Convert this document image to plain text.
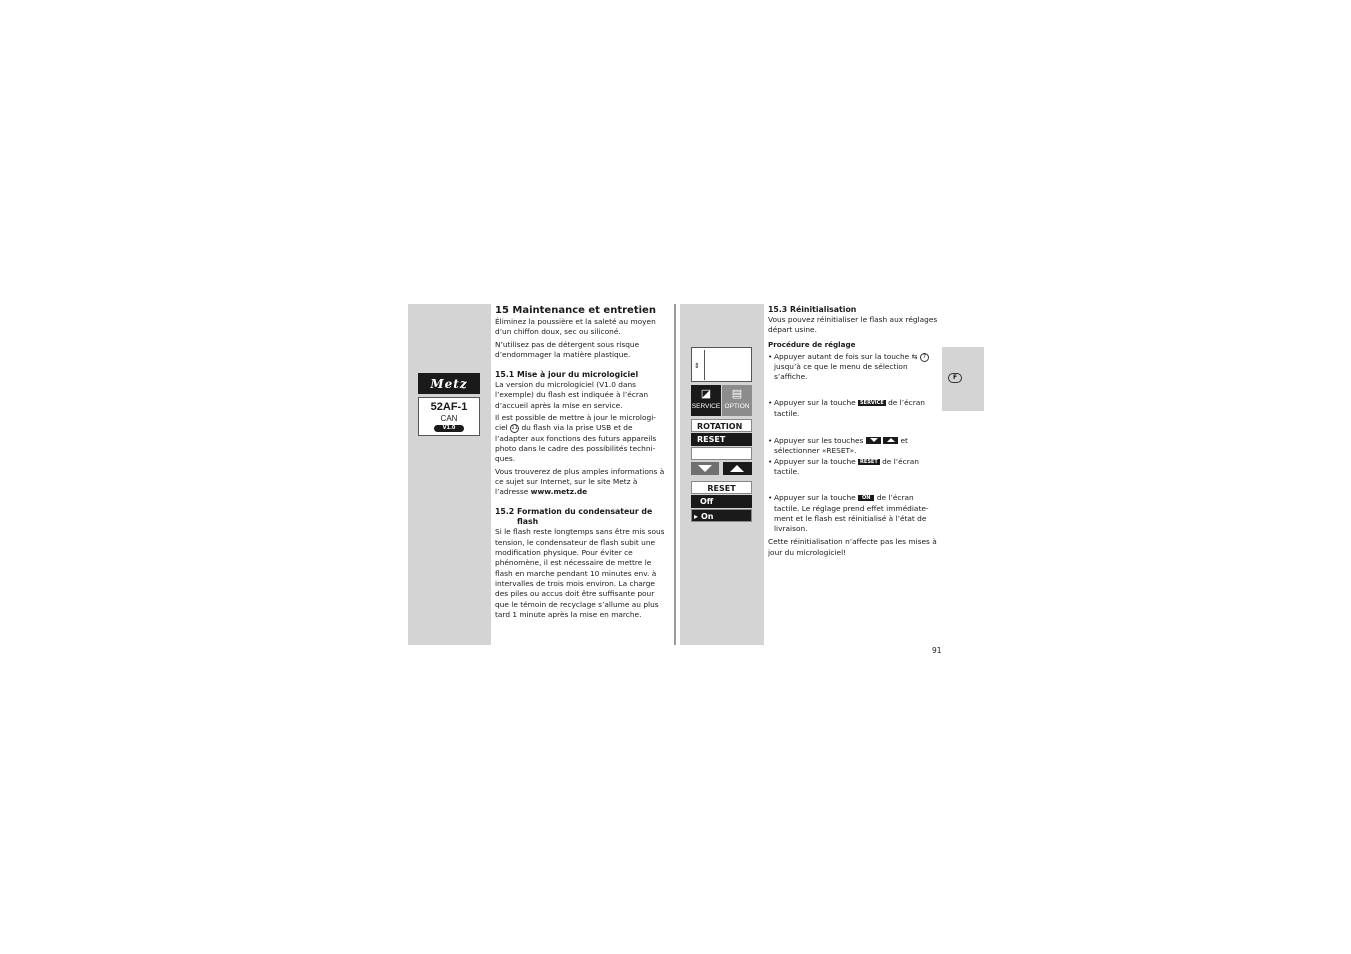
Metz
52AF-1
CAN
V1.0
15 Maintenance et entretien

Éliminez la poussière et la saleté au moyen d’un chiffon doux, sec ou siliconé.

N’utilisez pas de détergent sous risque d’endommager la matière plastique.

15.1 Mise à jour du micrologiciel

La version du micrologiciel (V1.0 dans l’exemple) du flash est indiquée à l’écran d’accueil après la mise en service.

Il est possible de mettre à jour le micrologi-ciel 11 du flash via la prise USB et de l’adapter aux fonctions des futurs appareils photo dans le cadre des possibilités techni-ques.

Vous trouverez de plus amples informations à ce sujet sur Internet, sur le site Metz à l’adresse www.metz.de

15.2 Formation du condensateur de
flash

Si le flash reste longtemps sans être mis sous tension, le condensateur de flash subit une modification physique. Pour éviter ce phénomène, il est nécessaire de mettre le flash en marche pendant 10 minutes env. à intervalles de trois mois environ. La charge des piles ou accus doit être suffisante pour que le témoin de recyclage s’allume au plus tard 1 minute après la mise en marche.

⇕
◪
SERVICE
▤
OPTION
ROTATION
RESET
RESET
Off
▸ On
15.3 Réinitialisation

Vous pouvez réinitialiser le flash aux réglages départ usine.

Procédure de réglage
• Appuyer autant de fois sur la touche ⇆ 7 jusqu’à ce que le menu de sélection s’affiche.
• Appuyer sur la touche SERVICE de l’écran tactile.
• Appuyer sur les touches
	et sélectionner «RESET».
• Appuyer sur la touche RESET de l’écran tactile.
• Appuyer sur la touche ON de l’écran tactile. Le réglage prend effet immédiate-ment et le flash est réinitialisé à l’état de livraison.

Cette réinitialisation n’affecte pas les mises à jour du micrologiciel!

F
91
